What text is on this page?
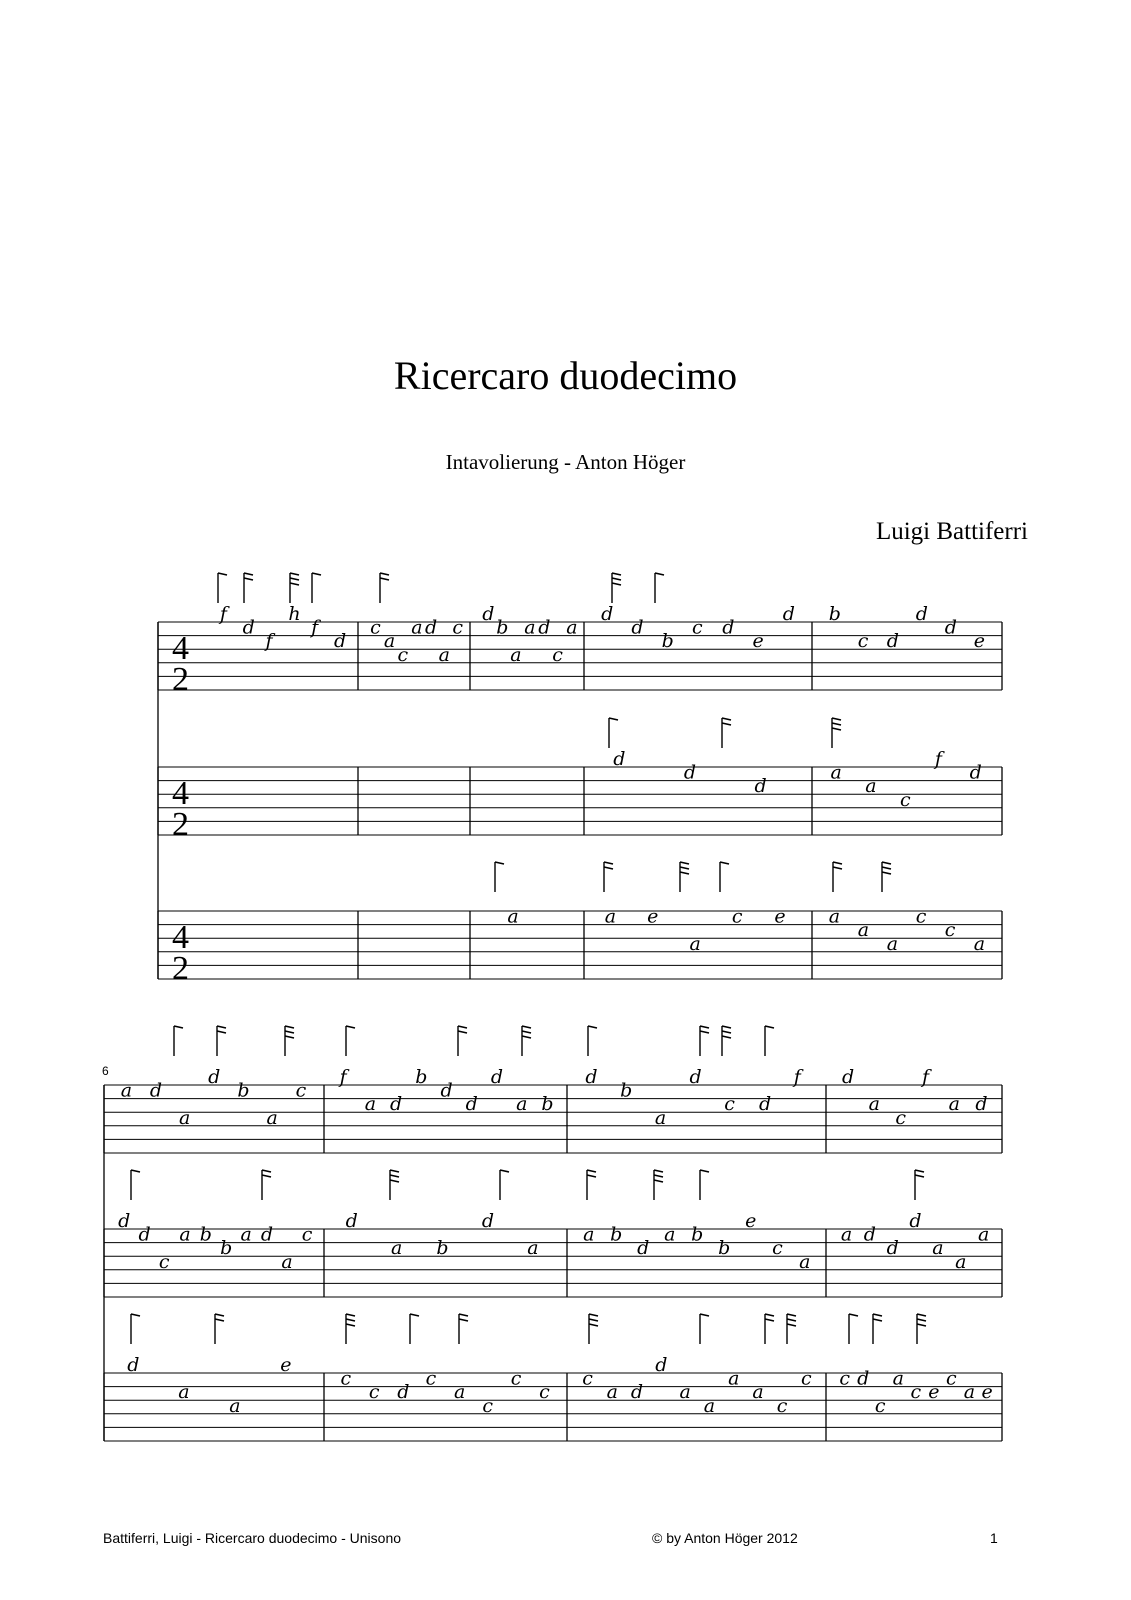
Ricercaro duodecimo
Intavolierung - Anton Höger
Luigi Battiferri
6
4
2
f
d
f
h
f
d
c
a
c
a d
a
c
d
b
a
a d
c
a
d
d
b
c d
e
d b
c d
d
d
e
4
2
d
d
d
a
a
c
f
d
4
2
a	a e
a
c e a
a
a
c
c
a
a d
a
d
b
a
c
f
a d
b
d
d
d
a b
d
b
a
d
c d
f d
a
c
f
a d
d
d
c
a b
b
a d
a
c
d
a b
d
a
a b
d
a b
b
e
c
a
a d
d
d
a
a
a
d
a
a
e
c
c d
c
a
c
c
c
c
a d
d
a
a
a
a
c
c c d
c
a
c e
c
a e
Battiferri, Luigi - Ricercaro duodecimo - Unisono	© by Anton Höger 2012	1
